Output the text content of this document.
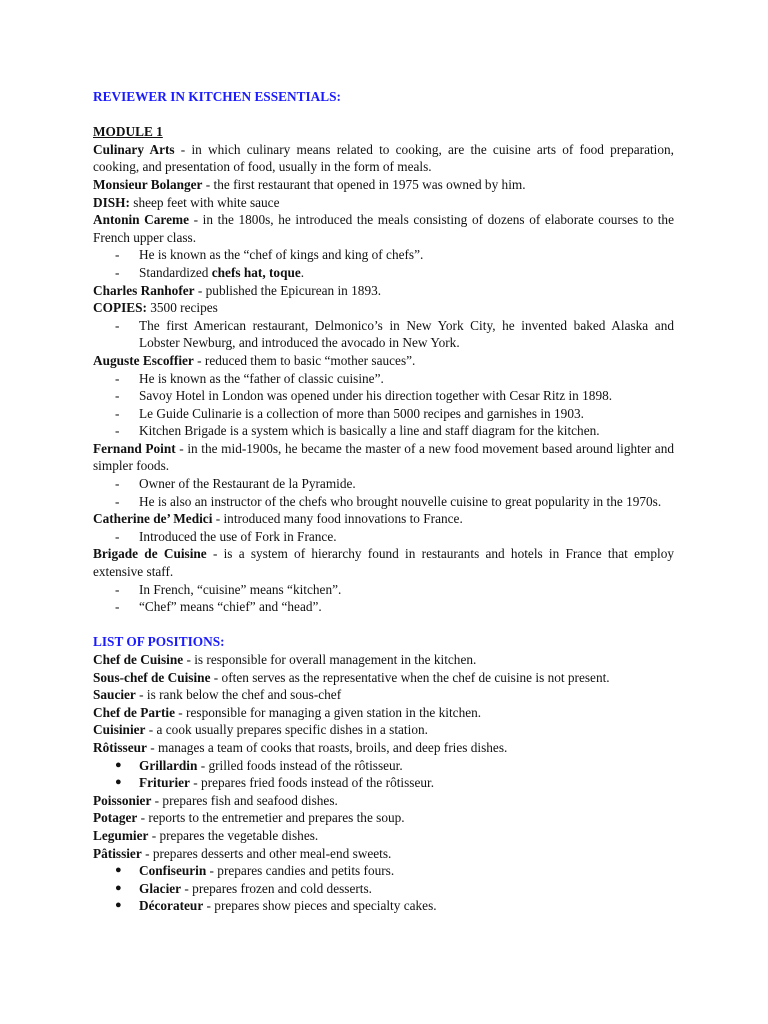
REVIEWER IN KITCHEN ESSENTIALS:

MODULE 1

Culinary Arts - in which culinary means related to cooking, are the cuisine arts of food preparation, cooking, and presentation of food, usually in the form of meals.

Monsieur Bolanger - the first restaurant that opened in 1975 was owned by him.

DISH: sheep feet with white sauce

Antonin Careme - in the 1800s, he introduced the meals consisting of dozens of elaborate courses to the French upper class.

- He is known as the “chef of kings and king of chefs”.
- Standardized chefs hat, toque.

Charles Ranhofer - published the Epicurean in 1893.

COPIES: 3500 recipes

- The first American restaurant, Delmonico’s in New York City, he invented baked Alaska and Lobster Newburg, and introduced the avocado in New York.

Auguste Escoffier - reduced them to basic “mother sauces”.

- He is known as the “father of classic cuisine”.
- Savoy Hotel in London was opened under his direction together with Cesar Ritz in 1898.
- Le Guide Culinarie is a collection of more than 5000 recipes and garnishes in 1903.
- Kitchen Brigade is a system which is basically a line and staff diagram for the kitchen.

Fernand Point - in the mid-1900s, he became the master of a new food movement based around lighter and simpler foods.

- Owner of the Restaurant de la Pyramide.
- He is also an instructor of the chefs who brought nouvelle cuisine to great popularity in the 1970s.

Catherine de’ Medici - introduced many food innovations to France.

- Introduced the use of Fork in France.

Brigade de Cuisine - is a system of hierarchy found in restaurants and hotels in France that employ extensive staff.

- In French, “cuisine” means “kitchen”.
- “Chef” means “chief” and “head”.

LIST OF POSITIONS:

Chef de Cuisine - is responsible for overall management in the kitchen.

Sous-chef de Cuisine - often serves as the representative when the chef de cuisine is not present.

Saucier - is rank below the chef and sous-chef

Chef de Partie - responsible for managing a given station in the kitchen.

Cuisinier - a cook usually prepares specific dishes in a station.

Rôtisseur - manages a team of cooks that roasts, broils, and deep fries dishes.

● Grillardin - grilled foods instead of the rôtisseur.
● Friturier - prepares fried foods instead of the rôtisseur.

Poissonier - prepares fish and seafood dishes.

Potager - reports to the entremetier and prepares the soup.

Legumier - prepares the vegetable dishes.

Pâtissier - prepares desserts and other meal-end sweets.

● Confiseurin - prepares candies and petits fours.
● Glacier - prepares frozen and cold desserts.
● Décorateur - prepares show pieces and specialty cakes.
